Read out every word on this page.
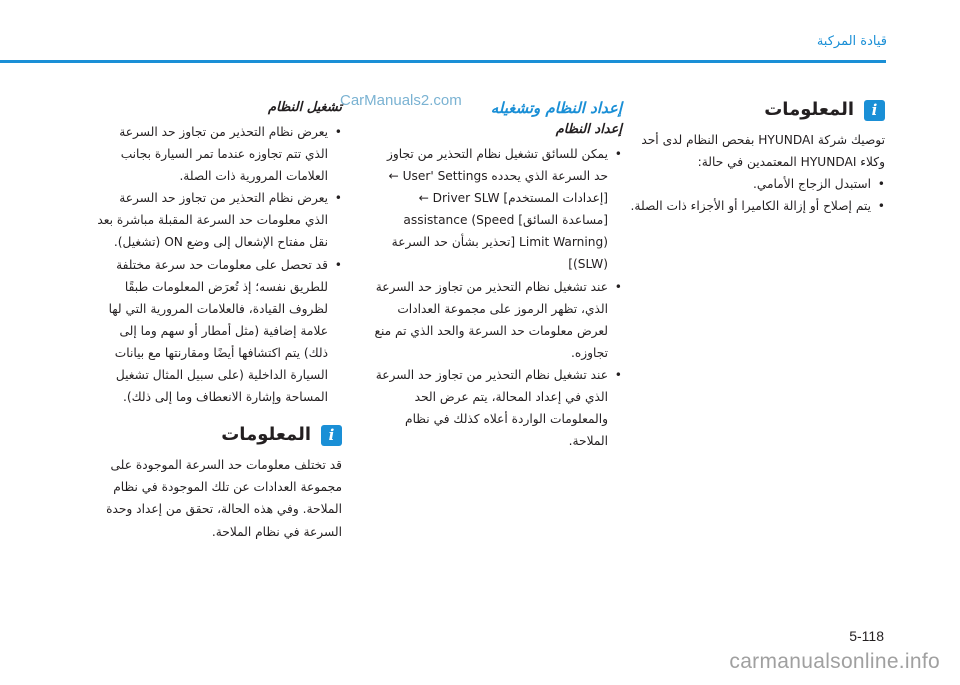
قيادة المركبة
CarManuals2.com	i
المعلومات

توصيك شركة HYUNDAI بفحص النظام لدى أحد وكلاء HYUNDAI المعتمدين في حالة:

• استبدل الزجاج الأمامي.
• يتم إصلاح أو إزالة الكاميرا أو الأجزاء ذات الصلة.
إعداد النظام وتشغيله
إعداد النظام
• يمكن للسائق تشغيل نظام التحذير من تجاوز حد السرعة الذي يحدده User' Settings ← [إعدادات المستخدم] Driver SLW ← [مساعدة السائق] assistance (Speed Limit Warning) [تحذير بشأن حد السرعة (SLW)]
• عند تشغيل نظام التحذير من تجاوز حد السرعة الذي، تظهر الرموز على مجموعة العدادات لعرض معلومات حد السرعة والحد الذي تم منع تجاوزه.
• عند تشغيل نظام التحذير من تجاوز حد السرعة الذي في إعداد المحالة، يتم عرض الحد والمعلومات الواردة أعلاه كذلك في نظام الملاحة.
تشغيل النظام
• يعرض نظام التحذير من تجاوز حد السرعة الذي تتم تجاوزه عندما تمر السيارة بجانب العلامات المرورية ذات الصلة.
• يعرض نظام التحذير من تجاوز حد السرعة الذي معلومات حد السرعة المقبلة مباشرة بعد نقل مفتاح الإشعال إلى وضع ON (تشغيل).
• قد تحصل على معلومات حد سرعة مختلفة للطريق نفسه؛ إذ تُعرَض المعلومات طبقًا لظروف القيادة، فالعلامات المرورية التي لها علامة إضافية (مثل أمطار أو سهم وما إلى ذلك) يتم اكتشافها أيضًا ومقارنتها مع بيانات السيارة الداخلية (على سبيل المثال تشغيل المساحة وإشارة الانعطاف وما إلى ذلك).
i
المعلومات

قد تختلف معلومات حد السرعة الموجودة على مجموعة العدادات عن تلك الموجودة في نظام الملاحة. وفي هذه الحالة، تحقق من إعداد وحدة السرعة في نظام الملاحة.

5-118
carmanualsonline.info
